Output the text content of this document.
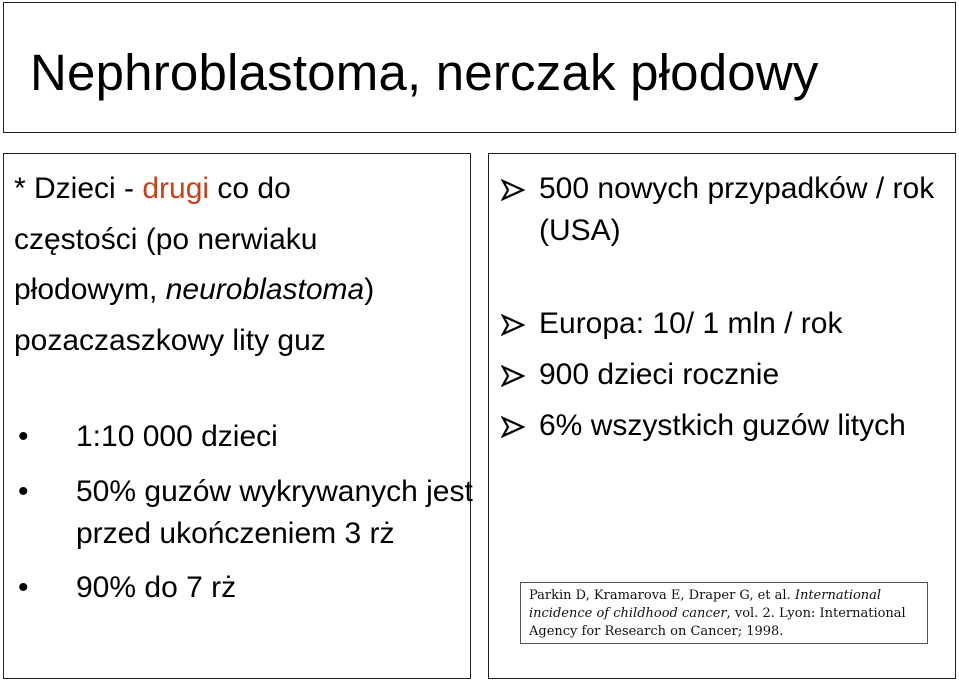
Nephroblastoma, nerczak płodowy
* Dzieci - drugi co do
częstości (po nerwiaku
płodowym, neuroblastoma)
pozaczaszkowy lity guz
• 1:10 000 dzieci
• 50% guzów wykrywanych jest przed ukończeniem 3 rż
• 90% do 7 rż
500 nowych przypadków / rok (USA)
Europa: 10/ 1 mln / rok
900 dzieci rocznie
6% wszystkich guzów litych
Parkin D, Kramarova E, Draper G, et al. International incidence of childhood cancer, vol. 2. Lyon: International Agency for Research on Cancer; 1998.
